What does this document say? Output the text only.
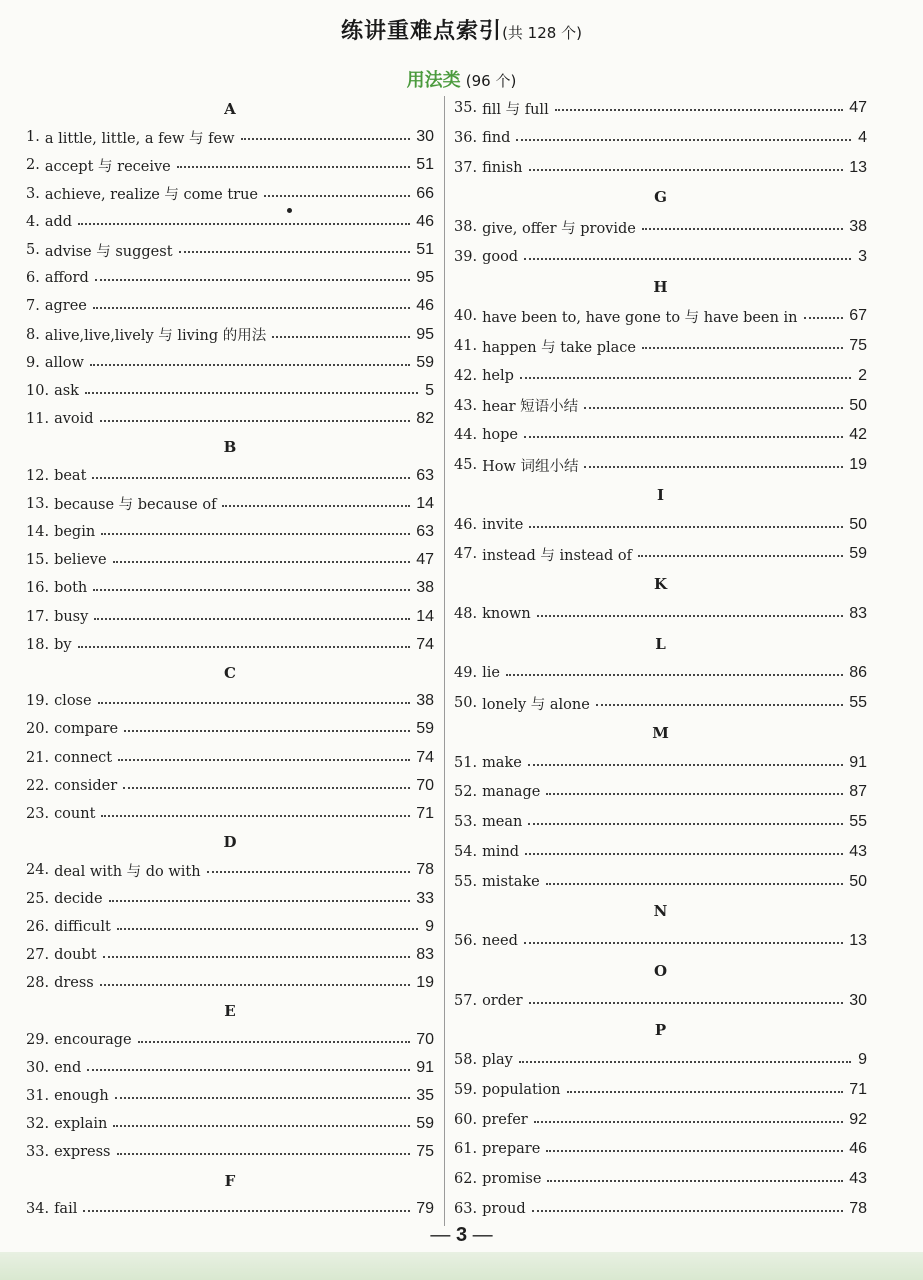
练讲重难点索引(共 128 个)
用法类 (96 个)
A
1. a little, little, a few 与 few	30
2. accept 与 receive	51
3. achieve, realize 与 come true	66
4. add	46
5. advise 与 suggest	51
6. afford	95
7. agree	46
8. alive,live,lively 与 living 的用法	95
9. allow	59
10. ask	5
11. avoid	82
B
12. beat	63
13. because 与 because of	14
14. begin	63
15. believe	47
16. both	38
17. busy	14
18. by	74
C
19. close	38
20. compare	59
21. connect	74
22. consider	70
23. count	71
D
24. deal with 与 do with	78
25. decide	33
26. difficult	9
27. doubt	83
28. dress	19
E
29. encourage	70
30. end	91
31. enough	35
32. explain	59
33. express	75
F
34. fail	79
35. fill 与 full	47
36. find	4
37. finish	13
G
38. give, offer 与 provide	38
39. good	3
H
40. have been to, have gone to 与 have been in	67
41. happen 与 take place	75
42. help	2
43. hear 短语小结	50
44. hope	42
45. How 词组小结	19
I
46. invite	50
47. instead 与 instead of	59
K
48. known	83
L
49. lie	86
50. lonely 与 alone	55
M
51. make	91
52. manage	87
53. mean	55
54. mind	43
55. mistake	50
N
56. need	13
O
57. order	30
P
58. play	9
59. population	71
60. prefer	92
61. prepare	46
62. promise	43
63. proud	78
— 3 —
